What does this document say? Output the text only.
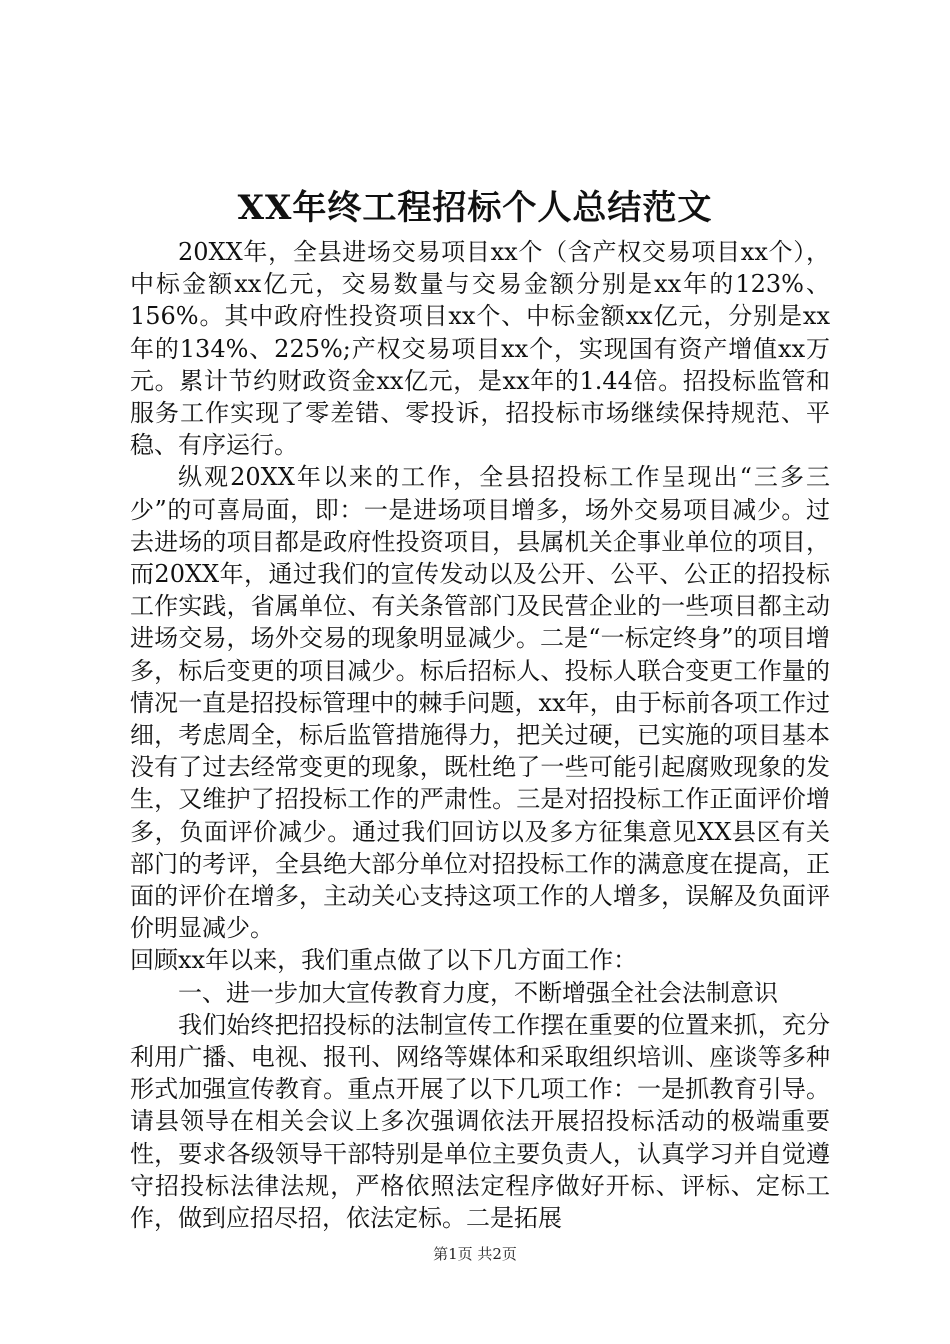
XX年终工程招标个人总结范文

20XX年，全县进场交易项目xx个（含产权交易项目xx个），中标金额xx亿元，交易数量与交易金额分别是xx年的123%、156%。其中政府性投资项目xx个、中标金额xx亿元，分别是xx年的134%、225%;产权交易项目xx个，实现国有资产增值xx万元。累计节约财政资金xx亿元，是xx年的1.44倍。招投标监管和服务工作实现了零差错、零投诉，招投标市场继续保持规范、平稳、有序运行。

纵观20XX年以来的工作，全县招投标工作呈现出“三多三少”的可喜局面，即：一是进场项目增多，场外交易项目减少。过去进场的项目都是政府性投资项目，县属机关企事业单位的项目，而20XX年，通过我们的宣传发动以及公开、公平、公正的招投标工作实践，省属单位、有关条管部门及民营企业的一些项目都主动进场交易，场外交易的现象明显减少。二是“一标定终身”的项目增多，标后变更的项目减少。标后招标人、投标人联合变更工作量的情况一直是招投标管理中的棘手问题，xx年，由于标前各项工作过细，考虑周全，标后监管措施得力，把关过硬，已实施的项目基本没有了过去经常变更的现象，既杜绝了一些可能引起腐败现象的发生，又维护了招投标工作的严肃性。三是对招投标工作正面评价增多，负面评价减少。通过我们回访以及多方征集意见XX县区有关部门的考评，全县绝大部分单位对招投标工作的满意度在提高，正面的评价在增多，主动关心支持这项工作的人增多，误解及负面评价明显减少。

回顾xx年以来，我们重点做了以下几方面工作：

一、进一步加大宣传教育力度，不断增强全社会法制意识

我们始终把招投标的法制宣传工作摆在重要的位置来抓，充分利用广播、电视、报刊、网络等媒体和采取组织培训、座谈等多种形式加强宣传教育。重点开展了以下几项工作：一是抓教育引导。请县领导在相关会议上多次强调依法开展招投标活动的极端重要性，要求各级领导干部特别是单位主要负责人，认真学习并自觉遵守招投标法律法规，严格依照法定程序做好开标、评标、定标工作，做到应招尽招，依法定标。二是拓展

第1页 共2页
